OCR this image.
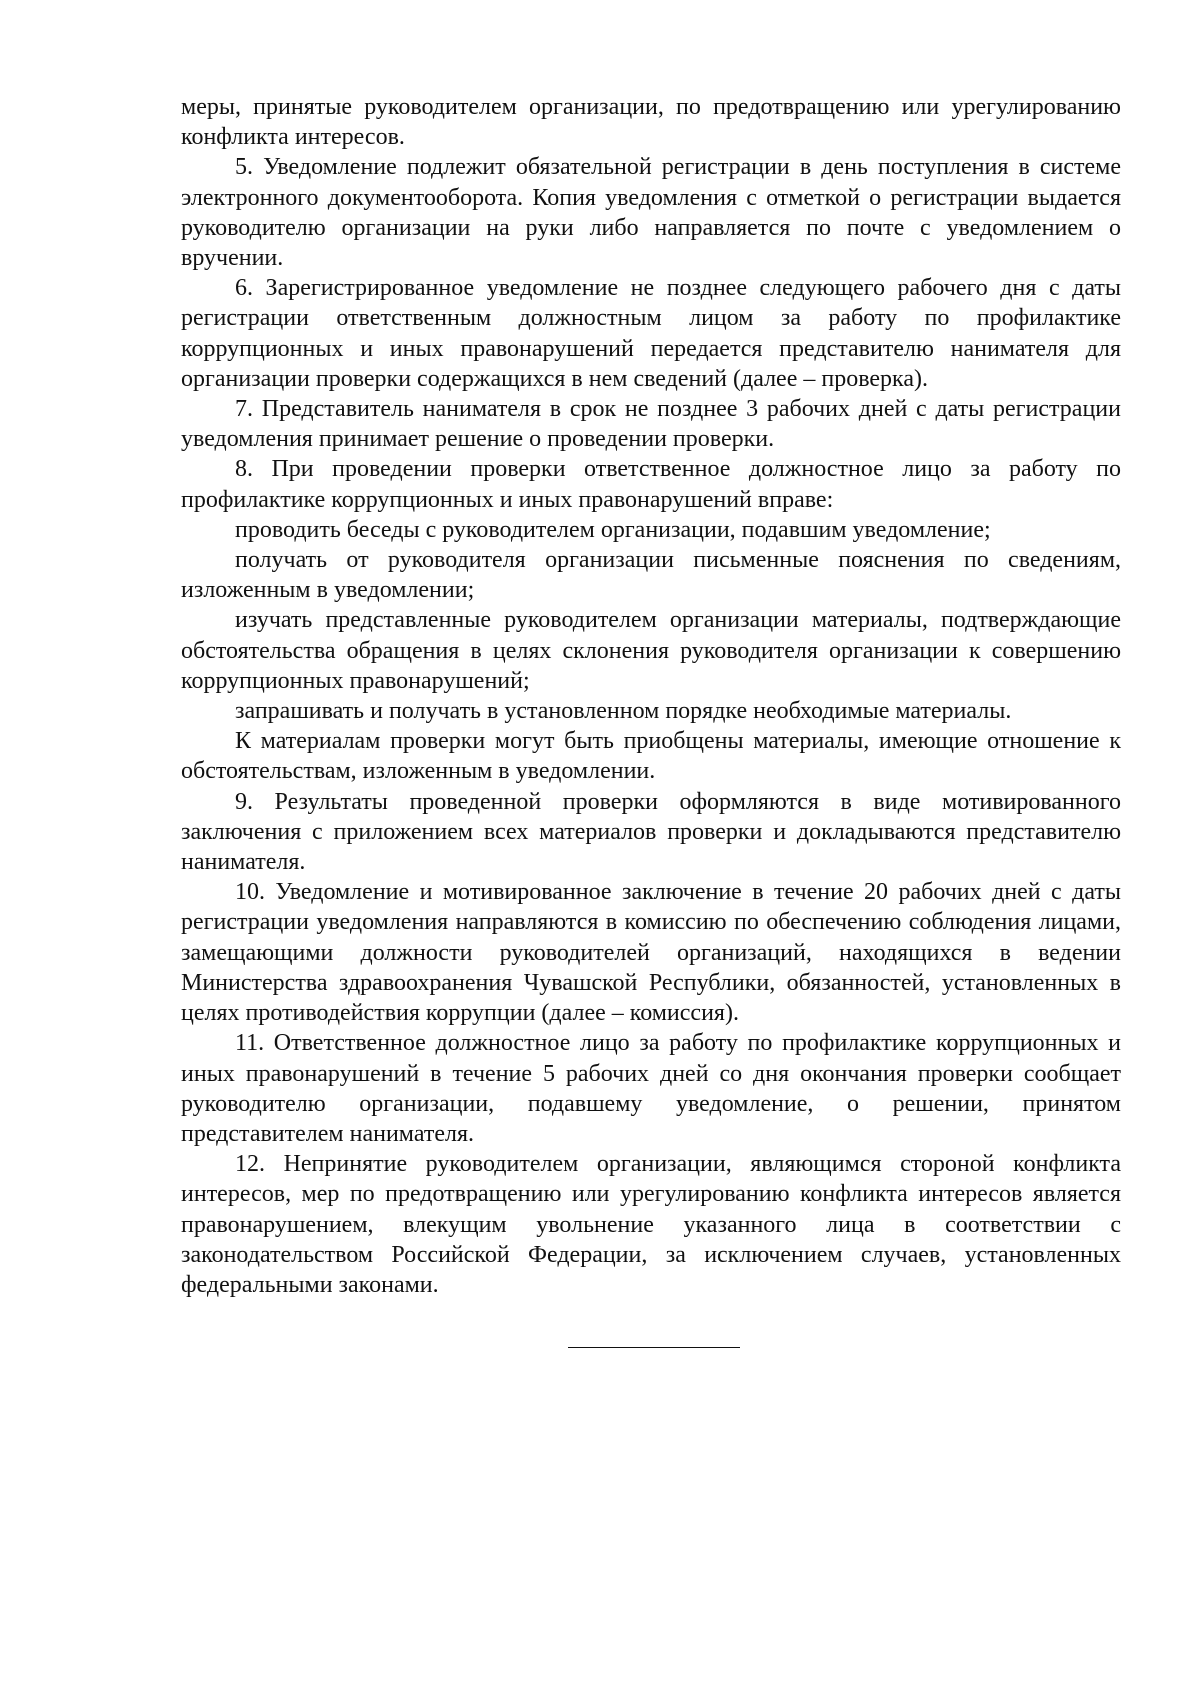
меры, принятые руководителем организации, по предотвращению или урегулированию конфликта интересов.

5. Уведомление подлежит обязательной регистрации в день поступления в системе электронного документооборота. Копия уведомления с отметкой о регистрации выдается руководителю организации на руки либо направляется по почте с уведомлением о вручении.

6. Зарегистрированное уведомление не позднее следующего рабочего дня с даты регистрации ответственным должностным лицом за работу по профилактике коррупционных и иных правонарушений передается представителю нанимателя для организации проверки содержащихся в нем сведений (далее – проверка).

7. Представитель нанимателя в срок не позднее 3 рабочих дней с даты регистрации уведомления принимает решение о проведении проверки.

8. При проведении проверки ответственное должностное лицо за работу по профилактике коррупционных и иных правонарушений вправе:

проводить беседы с руководителем организации, подавшим уведомление;

получать от руководителя организации письменные пояснения по сведениям, изложенным в уведомлении;

изучать представленные руководителем организации материалы, подтверждающие обстоятельства обращения в целях склонения руководителя организации к совершению коррупционных правонарушений;

запрашивать и получать в установленном порядке необходимые материалы.

К материалам проверки могут быть приобщены материалы, имеющие отношение к обстоятельствам, изложенным в уведомлении.

9. Результаты проведенной проверки оформляются в виде мотивированного заключения с приложением всех материалов проверки и докладываются представителю нанимателя.

10. Уведомление и мотивированное заключение в течение 20 рабочих дней с даты регистрации уведомления направляются в комиссию по обеспечению соблюдения лицами, замещающими должности руководителей организаций, находящихся в ведении Министерства здравоохранения Чувашской Республики, обязанностей, установленных в целях противодействия коррупции (далее – комиссия).

11. Ответственное должностное лицо за работу по профилактике коррупционных и иных правонарушений в течение 5 рабочих дней со дня окончания проверки сообщает руководителю организации, подавшему уведомление, о решении, принятом представителем нанимателя.

12. Непринятие руководителем организации, являющимся стороной конфликта интересов, мер по предотвращению или урегулированию конфликта интересов является правонарушением, влекущим увольнение указанного лица в соответствии с законодательством Российской Федерации, за исключением случаев, установленных федеральными законами.
